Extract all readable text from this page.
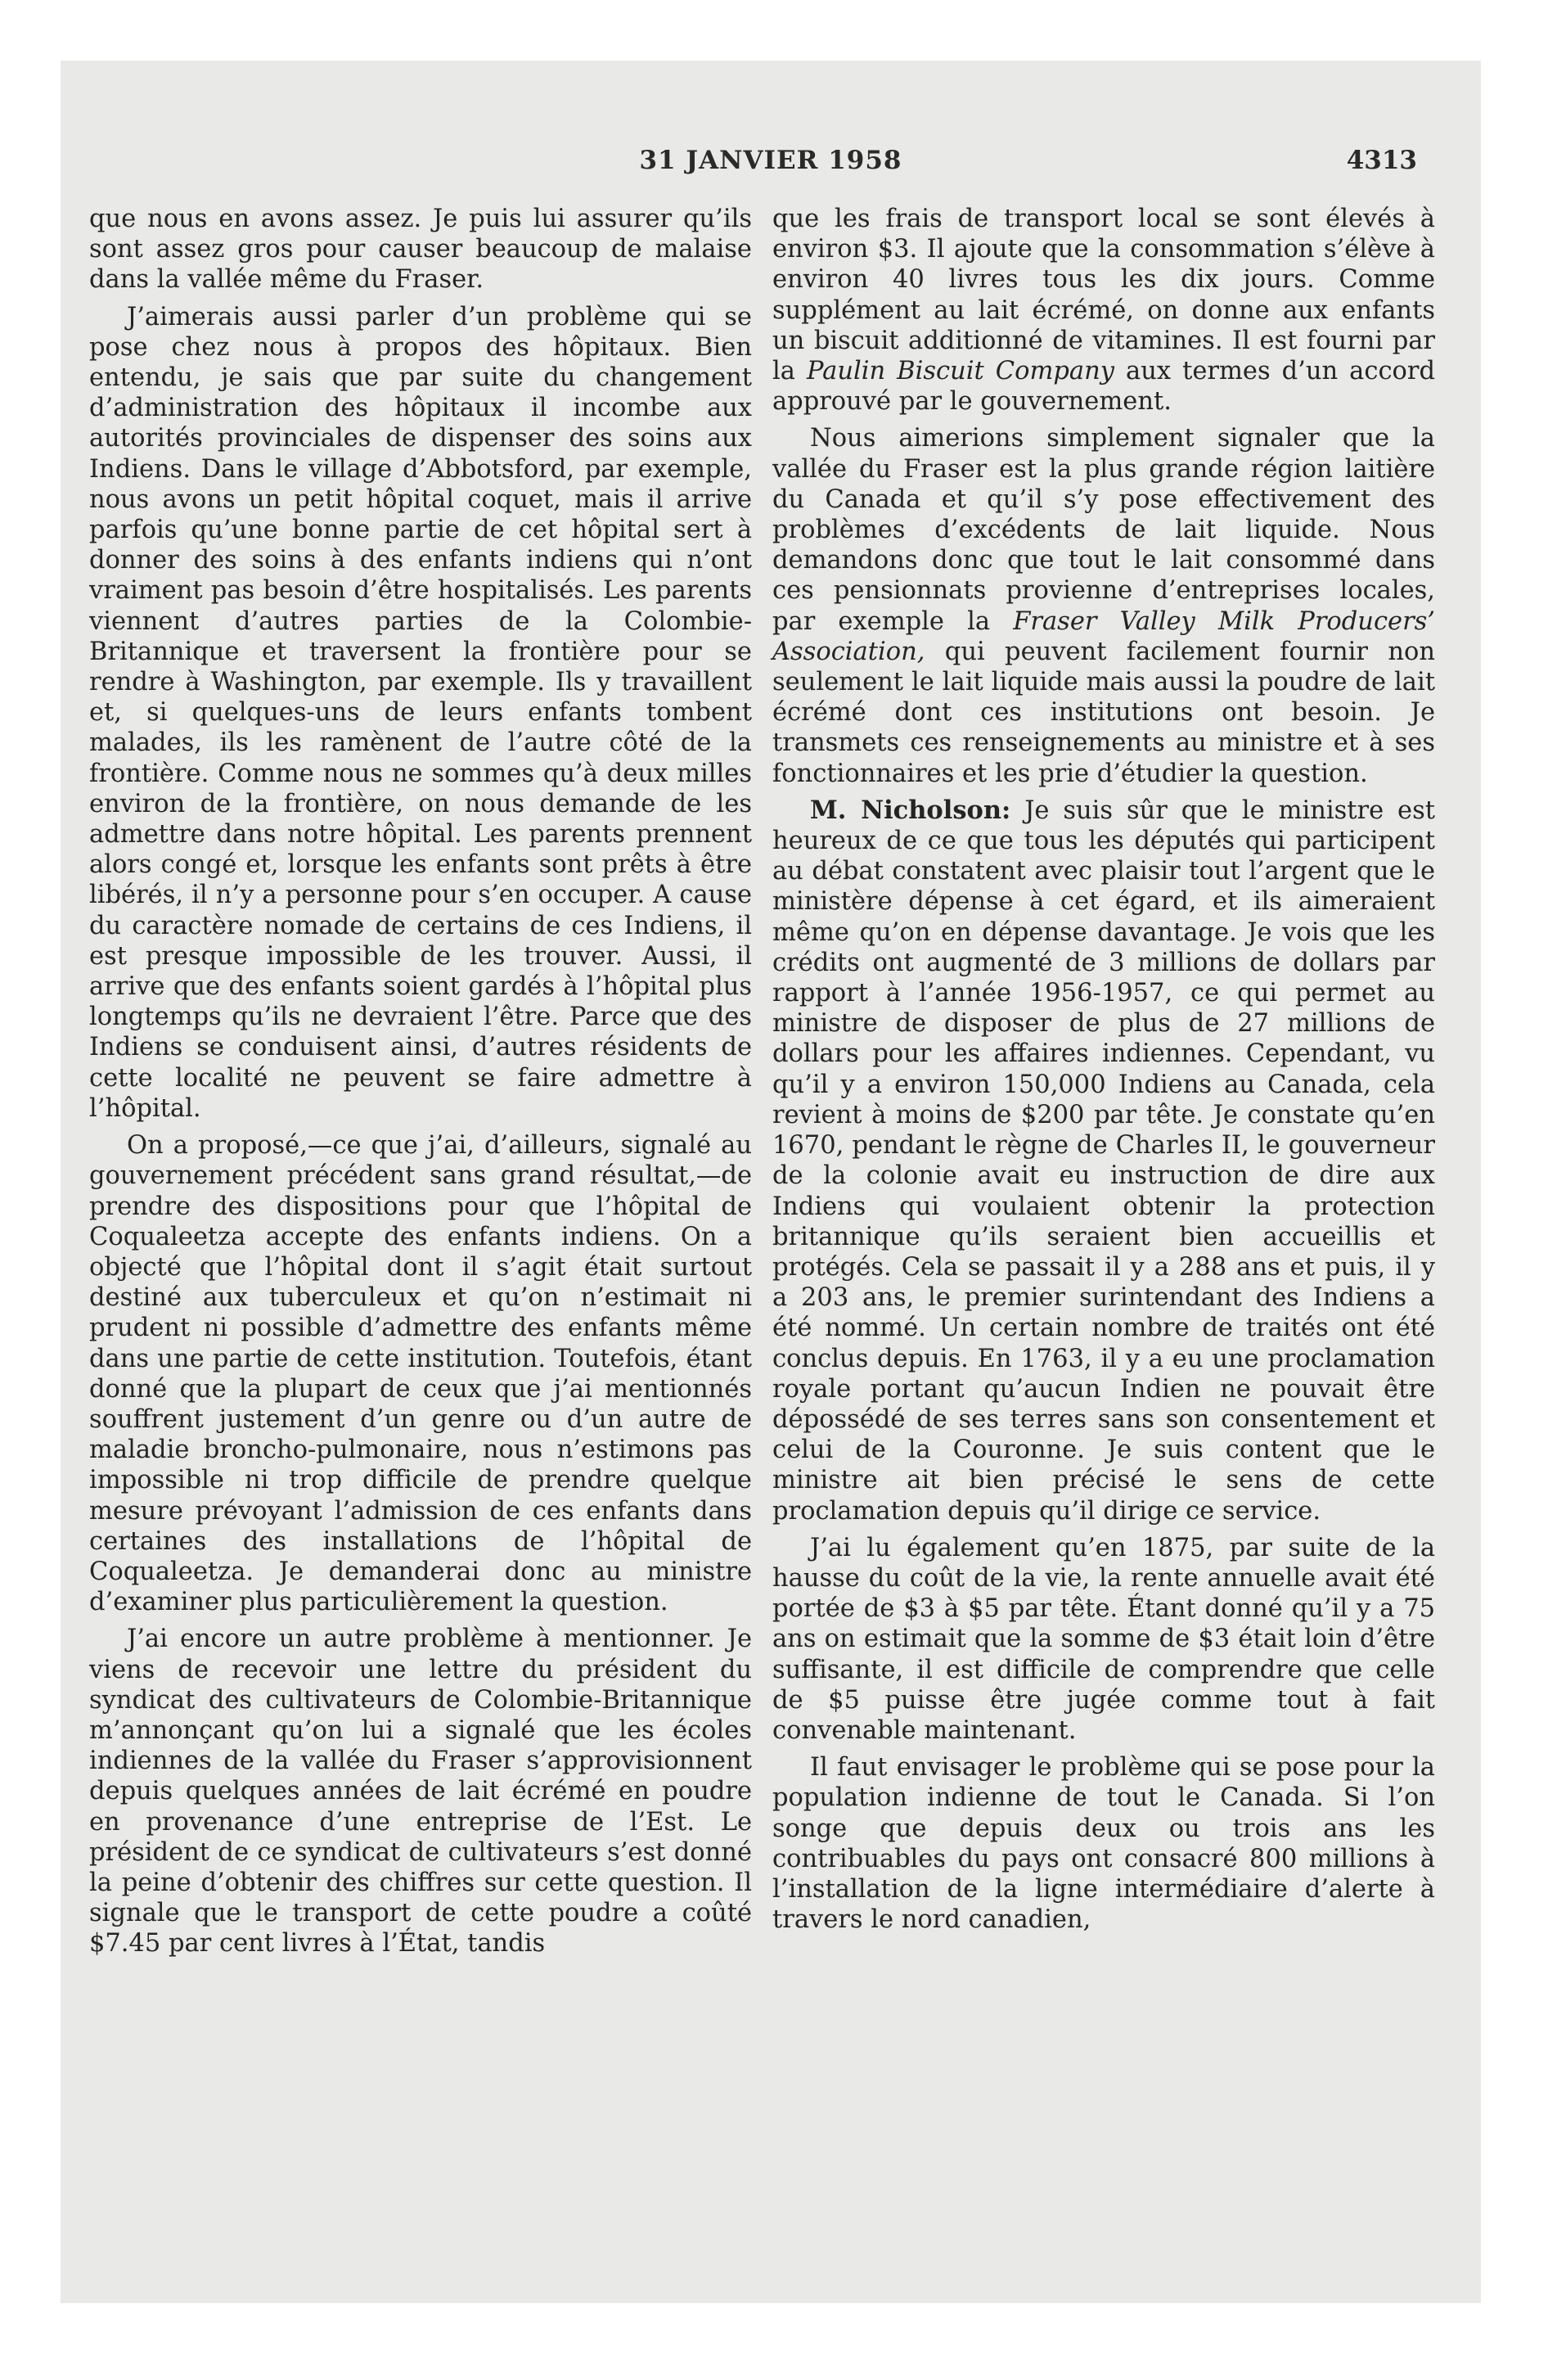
31 JANVIER 1958	4313

que nous en avons assez. Je puis lui assurer qu’ils sont assez gros pour causer beaucoup de malaise dans la vallée même du Fraser.

J’aimerais aussi parler d’un problème qui se pose chez nous à propos des hôpitaux. Bien entendu, je sais que par suite du changement d’administration des hôpitaux il incombe aux autorités provinciales de dispenser des soins aux Indiens. Dans le village d’Abbotsford, par exemple, nous avons un petit hôpital coquet, mais il arrive parfois qu’une bonne partie de cet hôpital sert à donner des soins à des enfants indiens qui n’ont vraiment pas besoin d’être hospitalisés. Les parents viennent d’autres parties de la Colombie-Britannique et traversent la frontière pour se rendre à Washington, par exemple. Ils y travaillent et, si quelques-uns de leurs enfants tombent malades, ils les ramènent de l’autre côté de la frontière. Comme nous ne sommes qu’à deux milles environ de la frontière, on nous demande de les admettre dans notre hôpital. Les parents prennent alors congé et, lorsque les enfants sont prêts à être libérés, il n’y a personne pour s’en occuper. A cause du caractère nomade de certains de ces Indiens, il est presque impossible de les trouver. Aussi, il arrive que des enfants soient gardés à l’hôpital plus longtemps qu’ils ne devraient l’être. Parce que des Indiens se conduisent ainsi, d’autres résidents de cette localité ne peuvent se faire admettre à l’hôpital.

On a proposé,—ce que j’ai, d’ailleurs, signalé au gouvernement précédent sans grand résultat,—de prendre des dispositions pour que l’hôpital de Coqualeetza accepte des enfants indiens. On a objecté que l’hôpital dont il s’agit était surtout destiné aux tuberculeux et qu’on n’estimait ni prudent ni possible d’admettre des enfants même dans une partie de cette institution. Toutefois, étant donné que la plupart de ceux que j’ai mentionnés souffrent justement d’un genre ou d’un autre de maladie broncho-pulmonaire, nous n’estimons pas impossible ni trop difficile de prendre quelque mesure prévoyant l’admission de ces enfants dans certaines des installations de l’hôpital de Coqualeetza. Je demanderai donc au ministre d’examiner plus particulièrement la question.

J’ai encore un autre problème à mentionner. Je viens de recevoir une lettre du président du syndicat des cultivateurs de Colombie-Britannique m’annonçant qu’on lui a signalé que les écoles indiennes de la vallée du Fraser s’approvisionnent depuis quelques années de lait écrémé en poudre en provenance d’une entreprise de l’Est. Le président de ce syndicat de cultivateurs s’est donné la peine d’obtenir des chiffres sur cette question. Il signale que le transport de cette poudre a coûté $7.45 par cent livres à l’État, tandis

que les frais de transport local se sont élevés à environ $3. Il ajoute que la consommation s’élève à environ 40 livres tous les dix jours. Comme supplément au lait écrémé, on donne aux enfants un biscuit additionné de vitamines. Il est fourni par la Paulin Biscuit Company aux termes d’un accord approuvé par le gouvernement.

Nous aimerions simplement signaler que la vallée du Fraser est la plus grande région laitière du Canada et qu’il s’y pose effectivement des problèmes d’excédents de lait liquide. Nous demandons donc que tout le lait consommé dans ces pensionnats provienne d’entreprises locales, par exemple la Fraser Valley Milk Producers’ Association, qui peuvent facilement fournir non seulement le lait liquide mais aussi la poudre de lait écrémé dont ces institutions ont besoin. Je transmets ces renseignements au ministre et à ses fonctionnaires et les prie d’étudier la question.

M. Nicholson: Je suis sûr que le ministre est heureux de ce que tous les députés qui participent au débat constatent avec plaisir tout l’argent que le ministère dépense à cet égard, et ils aimeraient même qu’on en dépense davantage. Je vois que les crédits ont augmenté de 3 millions de dollars par rapport à l’année 1956-1957, ce qui permet au ministre de disposer de plus de 27 millions de dollars pour les affaires indiennes. Cependant, vu qu’il y a environ 150,000 Indiens au Canada, cela revient à moins de $200 par tête. Je constate qu’en 1670, pendant le règne de Charles II, le gouverneur de la colonie avait eu instruction de dire aux Indiens qui voulaient obtenir la protection britannique qu’ils seraient bien accueillis et protégés. Cela se passait il y a 288 ans et puis, il y a 203 ans, le premier surintendant des Indiens a été nommé. Un certain nombre de traités ont été conclus depuis. En 1763, il y a eu une proclamation royale portant qu’aucun Indien ne pouvait être dépossédé de ses terres sans son consentement et celui de la Couronne. Je suis content que le ministre ait bien précisé le sens de cette proclamation depuis qu’il dirige ce service.

J’ai lu également qu’en 1875, par suite de la hausse du coût de la vie, la rente annuelle avait été portée de $3 à $5 par tête. Étant donné qu’il y a 75 ans on estimait que la somme de $3 était loin d’être suffisante, il est difficile de comprendre que celle de $5 puisse être jugée comme tout à fait convenable maintenant.

Il faut envisager le problème qui se pose pour la population indienne de tout le Canada. Si l’on songe que depuis deux ou trois ans les contribuables du pays ont consacré 800 millions à l’installation de la ligne intermédiaire d’alerte à travers le nord canadien,
